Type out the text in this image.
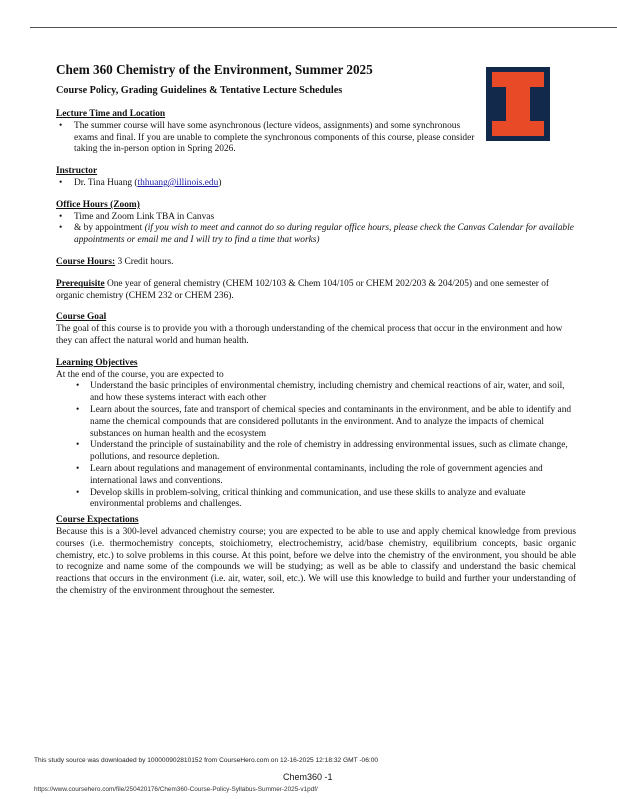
Chem 360 Chemistry of the Environment, Summer 2025
Course Policy, Grading Guidelines & Tentative Lecture Schedules
Lecture Time and Location
• The summer course will have some asynchronous (lecture videos, assignments) and some synchronous exams and final. If you are unable to complete the synchronous components of this course, please consider taking the in-person option in Spring 2026.
Instructor
• Dr. Tina Huang (thhuang@illinois.edu)
Office Hours (Zoom)
• Time and Zoom Link TBA in Canvas
• & by appointment (if you wish to meet and cannot do so during regular office hours, please check the Canvas Calendar for available appointments or email me and I will try to find a time that works)
Course Hours: 3 Credit hours.
Prerequisite One year of general chemistry (CHEM 102/103 & Chem 104/105 or CHEM 202/203 & 204/205) and one semester of organic chemistry (CHEM 232 or CHEM 236).
Course Goal
The goal of this course is to provide you with a thorough understanding of the chemical process that occur in the environment and how they can affect the natural world and human health.
Learning Objectives
At the end of the course, you are expected to
• Understand the basic principles of environmental chemistry, including chemistry and chemical reactions of air, water, and soil, and how these systems interact with each other
• Learn about the sources, fate and transport of chemical species and contaminants in the environment, and be able to identify and name the chemical compounds that are considered pollutants in the environment. And to analyze the impacts of chemical substances on human health and the ecosystem
• Understand the principle of sustainability and the role of chemistry in addressing environmental issues, such as climate change, pollutions, and resource depletion.
• Learn about regulations and management of environmental contaminants, including the role of government agencies and international laws and conventions.
• Develop skills in problem-solving, critical thinking and communication, and use these skills to analyze and evaluate environmental problems and challenges.
Course Expectations
Because this is a 300-level advanced chemistry course; you are expected to be able to use and apply chemical knowledge from previous courses (i.e. thermochemistry concepts, stoichiometry, electrochemistry, acid/base chemistry, equilibrium concepts, basic organic chemistry, etc.) to solve problems in this course. At this point, before we delve into the chemistry of the environment, you should be able to recognize and name some of the compounds we will be studying; as well as be able to classify and understand the basic chemical reactions that occurs in the environment (i.e. air, water, soil, etc.). We will use this knowledge to build and further your understanding of the chemistry of the environment throughout the semester.
This study source was downloaded by 100000902810152 from CourseHero.com on 12-16-2025 12:18:32 GMT -06:00
Chem360 -1
https://www.coursehero.com/file/250420176/Chem360-Course-Policy-Syllabus-Summer-2025-v1pdf/
